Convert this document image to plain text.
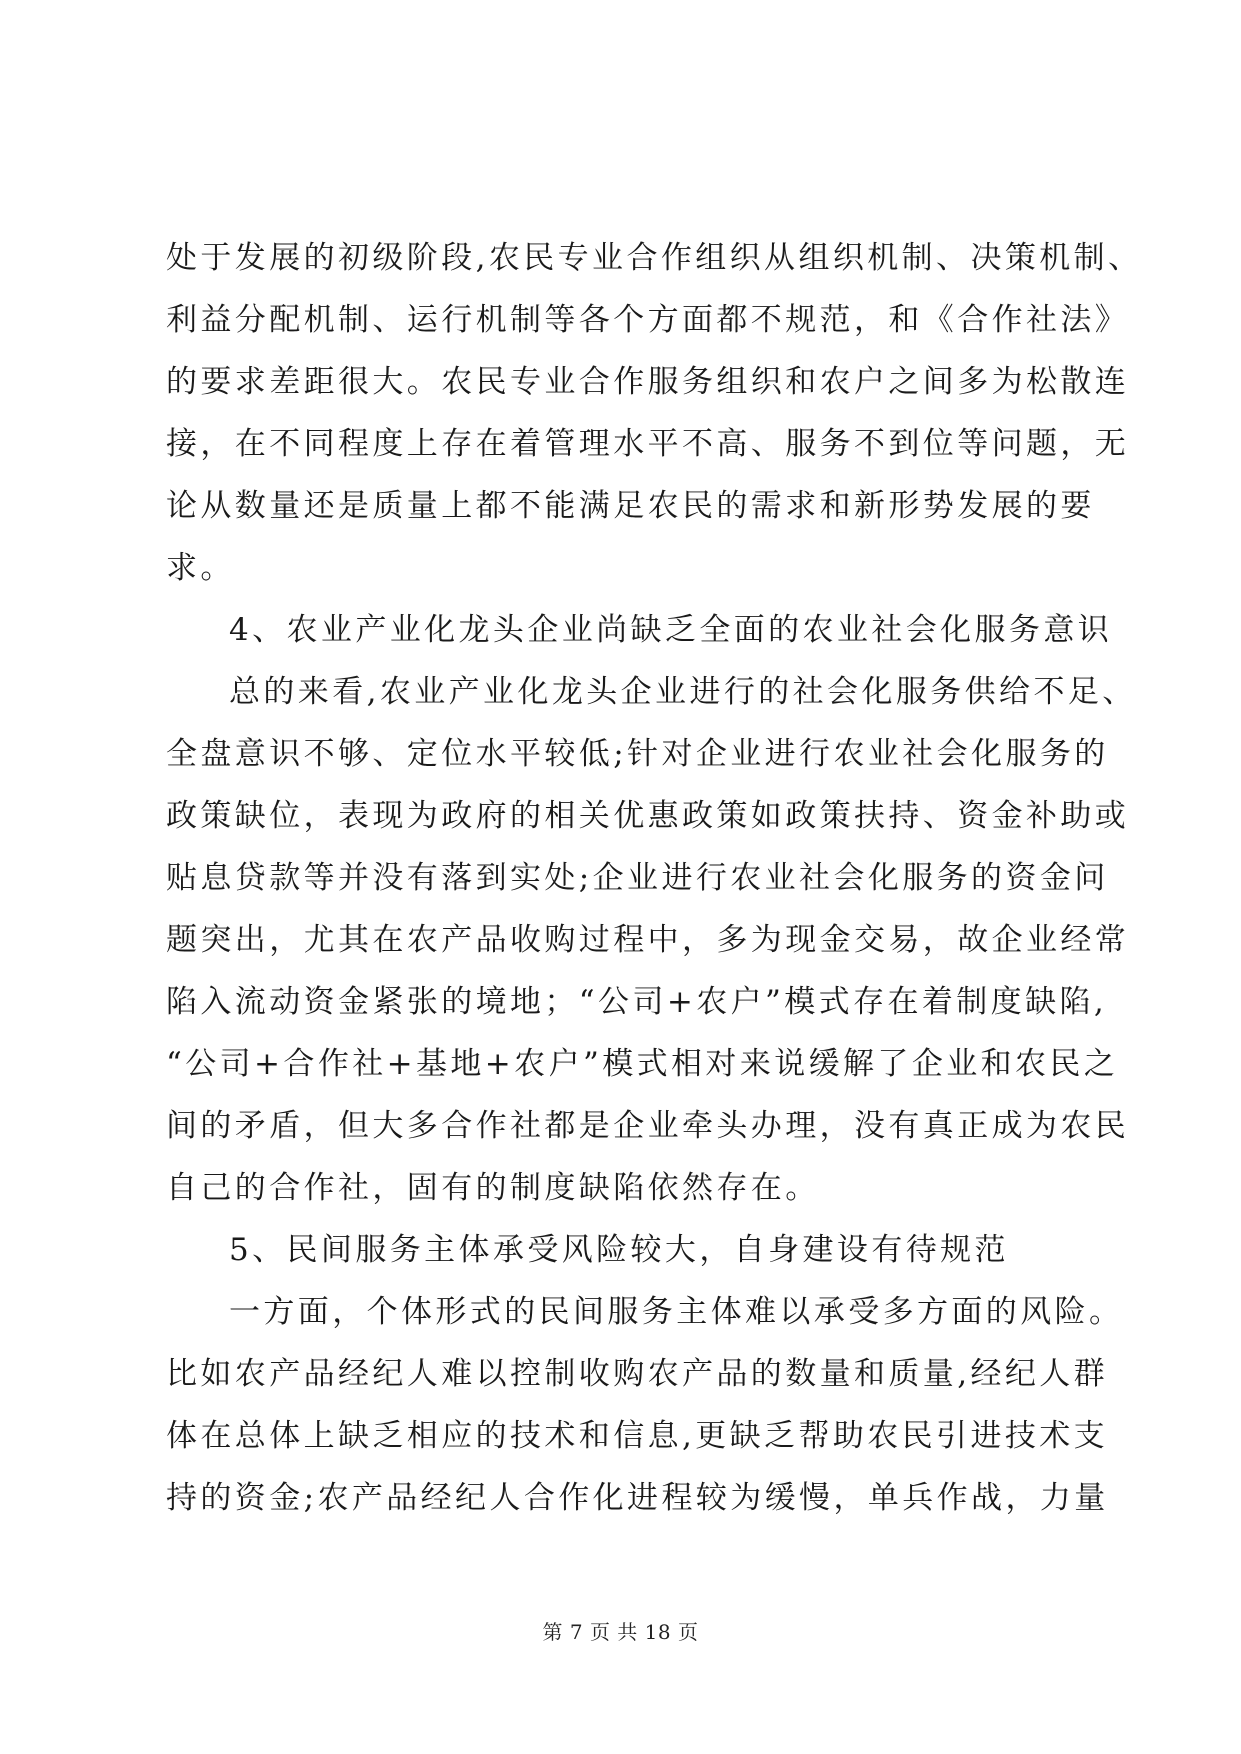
处于发展的初级阶段,农民专业合作组织从组织机制、决策机制、
利益分配机制、运行机制等各个方面都不规范，和《合作社法》
的要求差距很大。农民专业合作服务组织和农户之间多为松散连
接，在不同程度上存在着管理水平不高、服务不到位等问题，无
论从数量还是质量上都不能满足农民的需求和新形势发展的要
求。
4、农业产业化龙头企业尚缺乏全面的农业社会化服务意识
总的来看,农业产业化龙头企业进行的社会化服务供给不足、
全盘意识不够、定位水平较低;针对企业进行农业社会化服务的
政策缺位，表现为政府的相关优惠政策如政策扶持、资金补助或
贴息贷款等并没有落到实处;企业进行农业社会化服务的资金问
题突出，尤其在农产品收购过程中，多为现金交易，故企业经常
陷入流动资金紧张的境地；“公司+农户”模式存在着制度缺陷,
“公司+合作社+基地+农户”模式相对来说缓解了企业和农民之
间的矛盾，但大多合作社都是企业牵头办理，没有真正成为农民
自己的合作社，固有的制度缺陷依然存在。
5、民间服务主体承受风险较大，自身建设有待规范
一方面，个体形式的民间服务主体难以承受多方面的风险。
比如农产品经纪人难以控制收购农产品的数量和质量,经纪人群
体在总体上缺乏相应的技术和信息,更缺乏帮助农民引进技术支
持的资金;农产品经纪人合作化进程较为缓慢，单兵作战，力量
第 7 页 共 18 页
